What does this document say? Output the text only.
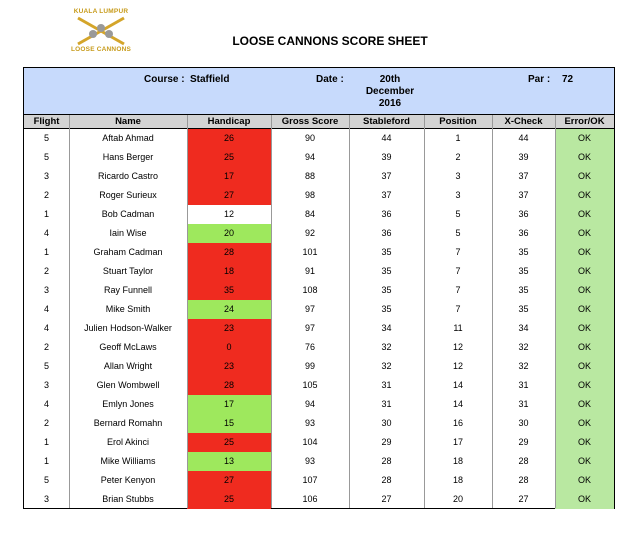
KUALA LUMPUR
LOOSE CANNONS
LOOSE CANNONS SCORE SHEET
Course : Staffield	Date :	20th
December
2016
Par : 72
Flight	Name	Handicap	Gross Score	Stableford	Position	X-Check	Error/OK
5	Aftab Ahmad	26	90	44	1	44	OK
5	Hans Berger	25	94	39	2	39	OK
3	Ricardo Castro	17	88	37	3	37	OK
2	Roger Surieux	27	98	37	3	37	OK
1	Bob Cadman	12	84	36	5	36	OK
4	Iain Wise	20	92	36	5	36	OK
1	Graham Cadman	28	101	35	7	35	OK
2	Stuart Taylor	18	91	35	7	35	OK
3	Ray Funnell	35	108	35	7	35	OK
4	Mike Smith	24	97	35	7	35	OK
4	Julien Hodson-Walker	23	97	34	11	34	OK
2	Geoff McLaws	0	76	32	12	32	OK
5	Allan Wright	23	99	32	12	32	OK
3	Glen Wombwell	28	105	31	14	31	OK
4	Emlyn Jones	17	94	31	14	31	OK
2	Bernard Romahn	15	93	30	16	30	OK
1	Erol Akinci	25	104	29	17	29	OK
1	Mike Williams	13	93	28	18	28	OK
5	Peter Kenyon	27	107	28	18	28	OK
3	Brian Stubbs	25	106	27	20	27	OK
